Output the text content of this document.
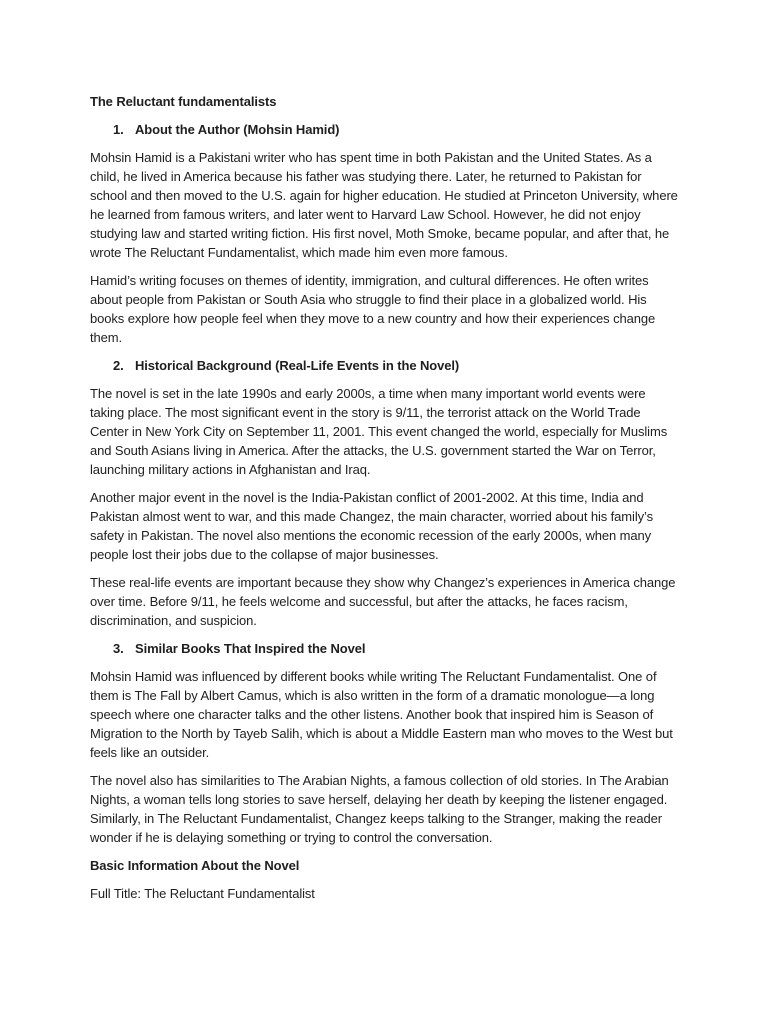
The Reluctant fundamentalists

1. About the Author (Mohsin Hamid)

Mohsin Hamid is a Pakistani writer who has spent time in both Pakistan and the United States. As a child, he lived in America because his father was studying there. Later, he returned to Pakistan for school and then moved to the U.S. again for higher education. He studied at Princeton University, where he learned from famous writers, and later went to Harvard Law School. However, he did not enjoy studying law and started writing fiction. His first novel, Moth Smoke, became popular, and after that, he wrote The Reluctant Fundamentalist, which made him even more famous.

Hamid’s writing focuses on themes of identity, immigration, and cultural differences. He often writes about people from Pakistan or South Asia who struggle to find their place in a globalized world. His books explore how people feel when they move to a new country and how their experiences change them.

2. Historical Background (Real-Life Events in the Novel)

The novel is set in the late 1990s and early 2000s, a time when many important world events were taking place. The most significant event in the story is 9/11, the terrorist attack on the World Trade Center in New York City on September 11, 2001. This event changed the world, especially for Muslims and South Asians living in America. After the attacks, the U.S. government started the War on Terror, launching military actions in Afghanistan and Iraq.

Another major event in the novel is the India-Pakistan conflict of 2001-2002. At this time, India and Pakistan almost went to war, and this made Changez, the main character, worried about his family’s safety in Pakistan. The novel also mentions the economic recession of the early 2000s, when many people lost their jobs due to the collapse of major businesses.

These real-life events are important because they show why Changez’s experiences in America change over time. Before 9/11, he feels welcome and successful, but after the attacks, he faces racism, discrimination, and suspicion.

3. Similar Books That Inspired the Novel

Mohsin Hamid was influenced by different books while writing The Reluctant Fundamentalist. One of them is The Fall by Albert Camus, which is also written in the form of a dramatic monologue—a long speech where one character talks and the other listens. Another book that inspired him is Season of Migration to the North by Tayeb Salih, which is about a Middle Eastern man who moves to the West but feels like an outsider.

The novel also has similarities to The Arabian Nights, a famous collection of old stories. In The Arabian Nights, a woman tells long stories to save herself, delaying her death by keeping the listener engaged. Similarly, in The Reluctant Fundamentalist, Changez keeps talking to the Stranger, making the reader wonder if he is delaying something or trying to control the conversation.

Basic Information About the Novel

Full Title: The Reluctant Fundamentalist
